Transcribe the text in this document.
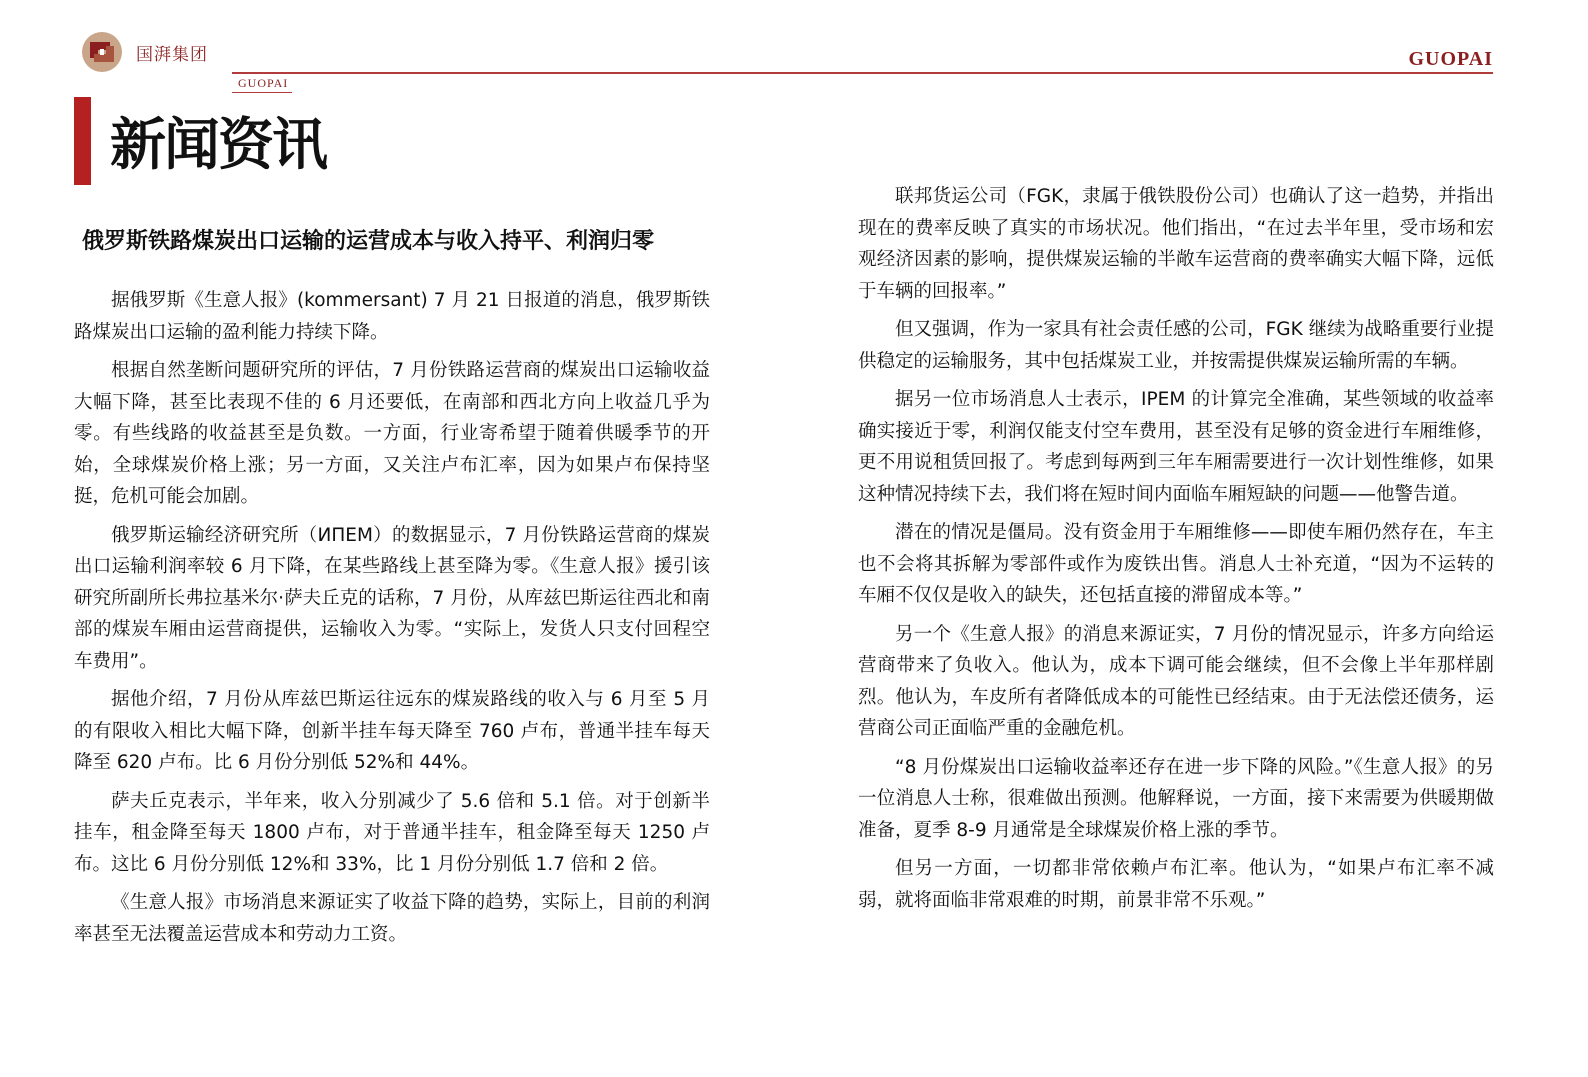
国湃集团
GUOPAI
GUOPAI
新闻资讯
俄罗斯铁路煤炭出口运输的运营成本与收入持平、利润归零

据俄罗斯《生意人报》(kommersant) 7 月 21 日报道的消息，俄罗斯铁路煤炭出口运输的盈利能力持续下降。

根据自然垄断问题研究所的评估，7 月份铁路运营商的煤炭出口运输收益大幅下降，甚至比表现不佳的 6 月还要低，在南部和西北方向上收益几乎为零。有些线路的收益甚至是负数。一方面，行业寄希望于随着供暖季节的开始，全球煤炭价格上涨；另一方面，又关注卢布汇率，因为如果卢布保持坚挺，危机可能会加剧。

俄罗斯运输经济研究所（ИПЕМ）的数据显示，7 月份铁路运营商的煤炭出口运输利润率较 6 月下降，在某些路线上甚至降为零。《生意人报》援引该研究所副所长弗拉基米尔·萨夫丘克的话称，7 月份，从库兹巴斯运往西北和南部的煤炭车厢由运营商提供，运输收入为零。“实际上，发货人只支付回程空车费用”。

据他介绍，7 月份从库兹巴斯运往远东的煤炭路线的收入与 6 月至 5 月的有限收入相比大幅下降，创新半挂车每天降至 760 卢布，普通半挂车每天降至 620 卢布。比 6 月份分别低 52%和 44%。

萨夫丘克表示，半年来，收入分别减少了 5.6 倍和 5.1 倍。对于创新半挂车，租金降至每天 1800 卢布，对于普通半挂车，租金降至每天 1250 卢布。这比 6 月份分别低 12%和 33%，比 1 月份分别低 1.7 倍和 2 倍。

《生意人报》市场消息来源证实了收益下降的趋势，实际上，目前的利润率甚至无法覆盖运营成本和劳动力工资。

联邦货运公司（FGK，隶属于俄铁股份公司）也确认了这一趋势，并指出现在的费率反映了真实的市场状况。他们指出，“在过去半年里，受市场和宏观经济因素的影响，提供煤炭运输的半敞车运营商的费率确实大幅下降，远低于车辆的回报率。”

但又强调，作为一家具有社会责任感的公司，FGK 继续为战略重要行业提供稳定的运输服务，其中包括煤炭工业，并按需提供煤炭运输所需的车辆。

据另一位市场消息人士表示，IPEM 的计算完全准确，某些领域的收益率确实接近于零，利润仅能支付空车费用，甚至没有足够的资金进行车厢维修，更不用说租赁回报了。考虑到每两到三年车厢需要进行一次计划性维修，如果这种情况持续下去，我们将在短时间内面临车厢短缺的问题——他警告道。

潜在的情况是僵局。没有资金用于车厢维修——即使车厢仍然存在，车主也不会将其拆解为零部件或作为废铁出售。消息人士补充道，“因为不运转的车厢不仅仅是收入的缺失，还包括直接的滞留成本等。”

另一个《生意人报》的消息来源证实，7 月份的情况显示，许多方向给运营商带来了负收入。他认为，成本下调可能会继续，但不会像上半年那样剧烈。他认为，车皮所有者降低成本的可能性已经结束。由于无法偿还债务，运营商公司正面临严重的金融危机。

“8 月份煤炭出口运输收益率还存在进一步下降的风险。”《生意人报》的另一位消息人士称，很难做出预测。他解释说，一方面，接下来需要为供暖期做准备，夏季 8-9 月通常是全球煤炭价格上涨的季节。

但另一方面，一切都非常依赖卢布汇率。他认为，“如果卢布汇率不减弱，就将面临非常艰难的时期，前景非常不乐观。”
